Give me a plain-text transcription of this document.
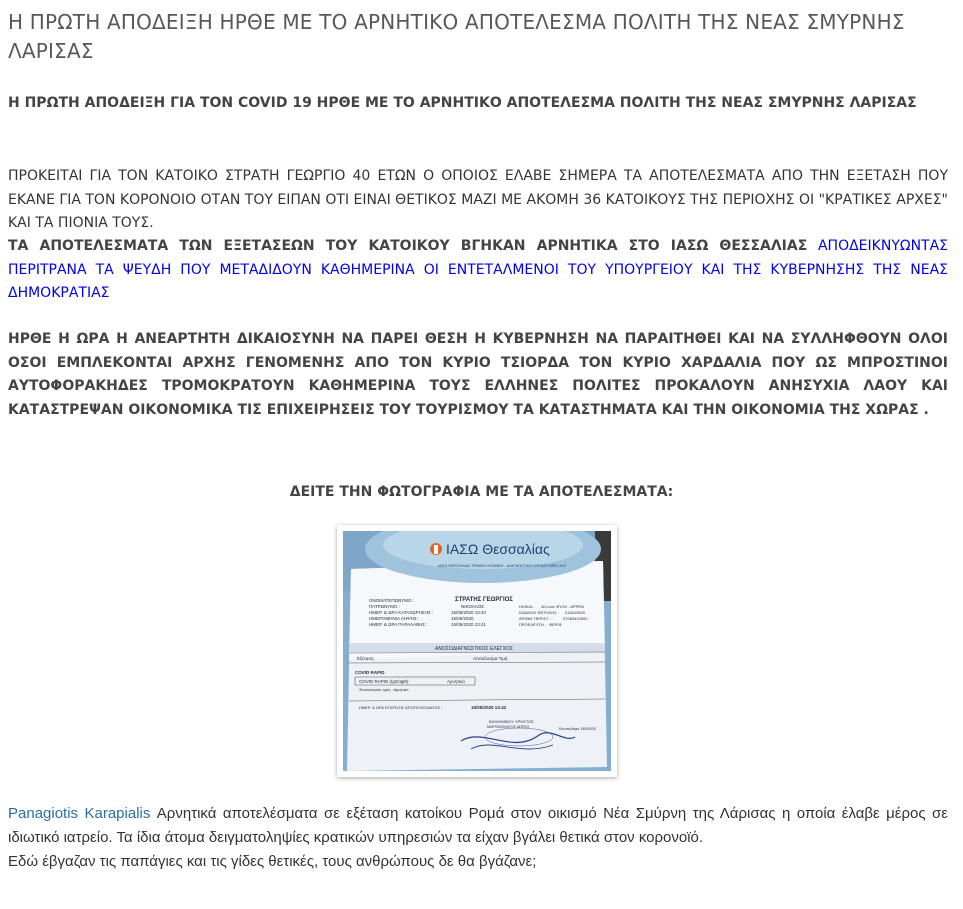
Η ΠΡΩΤΗ ΑΠΟΔΕΙΞΗ ΗΡΘΕ ΜΕ ΤΟ ΑΡΝΗΤΙΚΟ ΑΠΟΤΕΛΕΣΜΑ ΠΟΛΙΤΗ ΤΗΣ ΝΕΑΣ ΣΜΥΡΝΗΣ ΛΑΡΙΣΑΣ

Η ΠΡΩΤΗ ΑΠΟΔΕΙΞΗ ΓΙΑ ΤΟΝ COVID 19 ΗΡΘΕ ΜΕ ΤΟ ΑΡΝΗΤΙΚΟ ΑΠΟΤΕΛΕΣΜΑ ΠΟΛΙΤΗ ΤΗΣ ΝΕΑΣ ΣΜΥΡΝΗΣ ΛΑΡΙΣΑΣ

ΠΡΟΚΕΙΤΑΙ ΓΙΑ ΤΟΝ ΚΑΤΟΙΚΟ ΣΤΡΑΤΗ ΓΕΩΡΓΙΟ 40 ΕΤΩΝ Ο ΟΠΟΙΟΣ ΕΛΑΒΕ ΣΗΜΕΡΑ ΤΑ ΑΠΟΤΕΛΕΣΜΑΤΑ ΑΠΟ ΤΗΝ ΕΞΕΤΑΣΗ ΠΟΥ ΕΚΑΝΕ ΓΙΑ ΤΟΝ ΚΟΡΟΝΟΙΟ ΟΤΑΝ ΤΟΥ ΕΙΠΑΝ ΟΤΙ ΕΙΝΑΙ ΘΕΤΙΚΟΣ ΜΑΖΙ ΜΕ ΑΚΟΜΗ 36 ΚΑΤΟΙΚΟΥΣ ΤΗΣ ΠΕΡΙΟΧΗΣ ΟΙ "ΚΡΑΤΙΚΕΣ ΑΡΧΕΣ" ΚΑΙ ΤΑ ΠΙΟΝΙΑ ΤΟΥΣ.

ΤΑ ΑΠΟΤΕΛΕΣΜΑΤΑ ΤΩΝ ΕΞΕΤΑΣΕΩΝ ΤΟΥ ΚΑΤΟΙΚΟΥ ΒΓΗΚΑΝ ΑΡΝΗΤΙΚΑ ΣΤΟ ΙΑΣΩ ΘΕΣΣΑΛΙΑΣ ΑΠΟΔΕΙΚΝΥΩΝΤΑΣ ΠΕΡΙΤΡΑΝΑ ΤΑ ΨΕΥΔΗ ΠΟΥ ΜΕΤΑΔΙΔΟΥΝ ΚΑΘΗΜΕΡΙΝΑ ΟΙ ΕΝΤΕΤΑΛΜΕΝΟΙ ΤΟΥ ΥΠΟΥΡΓΕΙΟΥ ΚΑΙ ΤΗΣ ΚΥΒΕΡΝΗΣΗΣ ΤΗΣ ΝΕΑΣ ΔΗΜΟΚΡΑΤΙΑΣ

ΗΡΘΕ Η ΩΡΑ Η ΑΝΕΑΡΤΗΤΗ ΔΙΚΑΙΟΣΥΝΗ ΝΑ ΠΑΡΕΙ ΘΕΣΗ Η ΚΥΒΕΡΝΗΣΗ ΝΑ ΠΑΡΑΙΤΗΘΕΙ ΚΑΙ ΝΑ ΣΥΛΛΗΦΘΟΥΝ ΟΛΟΙ ΟΣΟΙ ΕΜΠΛΕΚΟΝΤΑΙ ΑΡΧΗΣ ΓΕΝΟΜΕΝΗΣ ΑΠΟ ΤΟΝ ΚΥΡΙΟ ΤΣΙΟΡΔΑ ΤΟΝ ΚΥΡΙΟ ΧΑΡΔΑΛΙΑ ΠΟΥ ΩΣ ΜΠΡΟΣΤΙΝΟΙ ΑΥΤΟΦΟΡΑΚΗΔΕΣ ΤΡΟΜΟΚΡΑΤΟΥΝ ΚΑΘΗΜΕΡΙΝΑ ΤΟΥΣ ΕΛΛΗΝΕΣ ΠΟΛΙΤΕΣ ΠΡΟΚΑΛΟΥΝ ΑΝΗΣΥΧΙΑ ΛΑΟΥ ΚΑΙ ΚΑΤΑΣΤΡΕΨΑΝ ΟΙΚΟΝΟΜΙΚΑ ΤΙΣ ΕΠΙΧΕΙΡΗΣΕΙΣ ΤΟΥ ΤΟΥΡΙΣΜΟΥ ΤΑ ΚΑΤΑΣΤΗΜΑΤΑ ΚΑΙ ΤΗΝ ΟΙΚΟΝΟΜΙΑ ΤΗΣ ΧΩΡΑΣ .

ΔΕΙΤΕ ΤΗΝ ΦΩΤΟΓΡΑΦΙΑ ΜΕ ΤΑ ΑΠΟΤΕΛΕΣΜΑΤΑ:
ΙΑΣΩ Θεσσαλίας
ΙΑΣΩ ΘΕΣΣΑΛΙΑΣ ΓΕΝΙΚΗ ΚΛΙΝΙΚΗ - ΔΙΑΓΝΩΣΤΙΚΟ ΕΡΓΑΣΤΗΡΙΟ Α.Ε.
ΟΝΟΜΑΤΕΠΩΝΥΜΟ :	ΣΤΡΑΤΗΣ ΓΕΩΡΓΙΟΣ
ΠΑΤΡΩΝΥΜΟ :	ΝΙΚΟΛΑΟΣ
ΗΜΕΡ. & ΩΡΑ ΚΑΤΑΧΩΡΗΣΗΣ :	15/05/2020 13:40
ΗΜΕΡΟΜΗΝΙΑ ΛΗΨΗΣ :	15/05/2020
ΗΜΕΡ. & ΩΡΑ ΠΑΡΑΛΑΒΗΣ :	15/05/2020 13:41
ΗΛΙΚΙΑ : 40 ετών ΦΥΛΟ : ΑΡΡΕΝ
ΚΩΔΙΚΟΣ ΕΝΤΟΛΗΣ : 018413620
ΑΡΙΘΜ. ΠΕΡΙΣΤ. :	07060410000
ΠΡΟΕΛΕΥΣΗ : ΘΕΡ01
ΑΝΟΣΟΔΙΑΓΝΩΣΤΙΚΟΣ ΕΛΕΓΧΟΣ
Εξέταση	Αποτέλεσμα Τιμή
COVID RAPID
COVID RAPID (IgG/IgM)	Αρνητικό
Φυσιολογικές τιμές : Αρνητικό
ΗΜΕΡ. & ΩΡΑ ΕΓΚΡΙΣΗΣ ΑΠΟΤΕΛΕΣΜΑΤΟΣ :	15/05/2020 13:42
ΒΙΟΧΗΜΙΚΟΥ ΧΡΗΣΤΟΣ
ΜΙΚΡΟΒΙΟΛΟΓΟΣ ΙΑΤΡΟΣ	Εκτυπώθηκε 15/5/2020

Panagiotis Karapialis Αρνητικά αποτελέσματα σε εξέταση κατοίκου Ρομά στον οικισμό Νέα Σμύρνη της Λάρισας η οποία έλαβε μέρος σε ιδιωτικό ιατρείο. Τα ίδια άτομα δειγματοληψίες κρατικών υπηρεσιών τα είχαν βγάλει θετικά στον κορονοϊό.
Εδώ έβγαζαν τις παπάγιες και τις γίδες θετικές, τους ανθρώπους δε θα βγάζανε;
